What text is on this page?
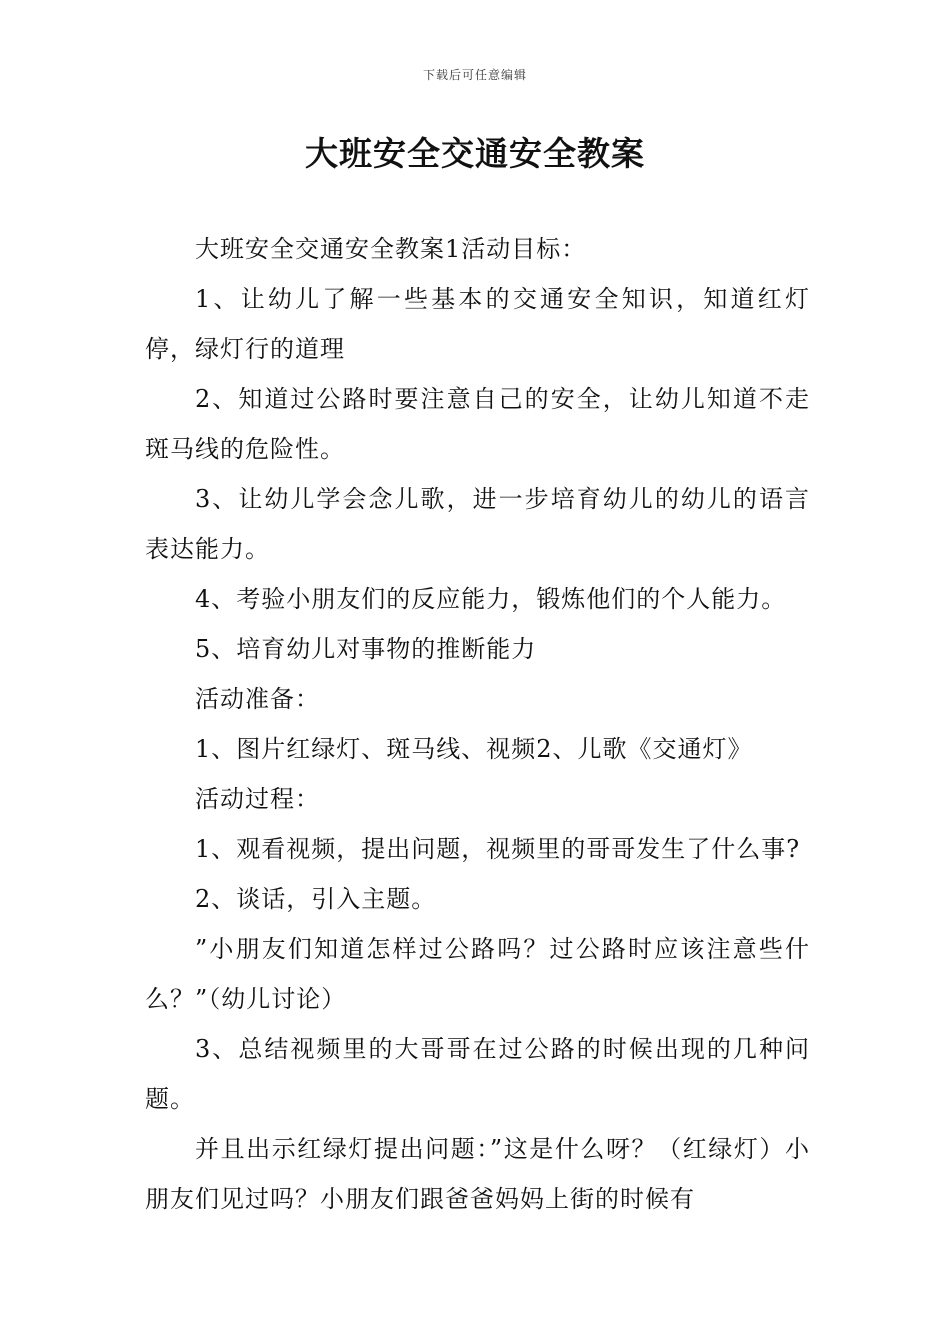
下载后可任意编辑
大班安全交通安全教案

大班安全交通安全教案1活动目标：

1、让幼儿了解一些基本的交通安全知识，知道红灯停，绿灯行的道理

2、知道过公路时要注意自己的安全，让幼儿知道不走斑马线的危险性。

3、让幼儿学会念儿歌，进一步培育幼儿的幼儿的语言表达能力。

4、考验小朋友们的反应能力，锻炼他们的个人能力。

5、培育幼儿对事物的推断能力

活动准备：

1、图片红绿灯、斑马线、视频2、儿歌《交通灯》

活动过程：

1、观看视频，提出问题，视频里的哥哥发生了什么事?

2、谈话，引入主题。

”小朋友们知道怎样过公路吗？过公路时应该注意些什么？”（幼儿讨论）

3、总结视频里的大哥哥在过公路的时候出现的几种问题。

并且出示红绿灯提出问题：”这是什么呀？（红绿灯）小朋友们见过吗？小朋友们跟爸爸妈妈上街的时候有
